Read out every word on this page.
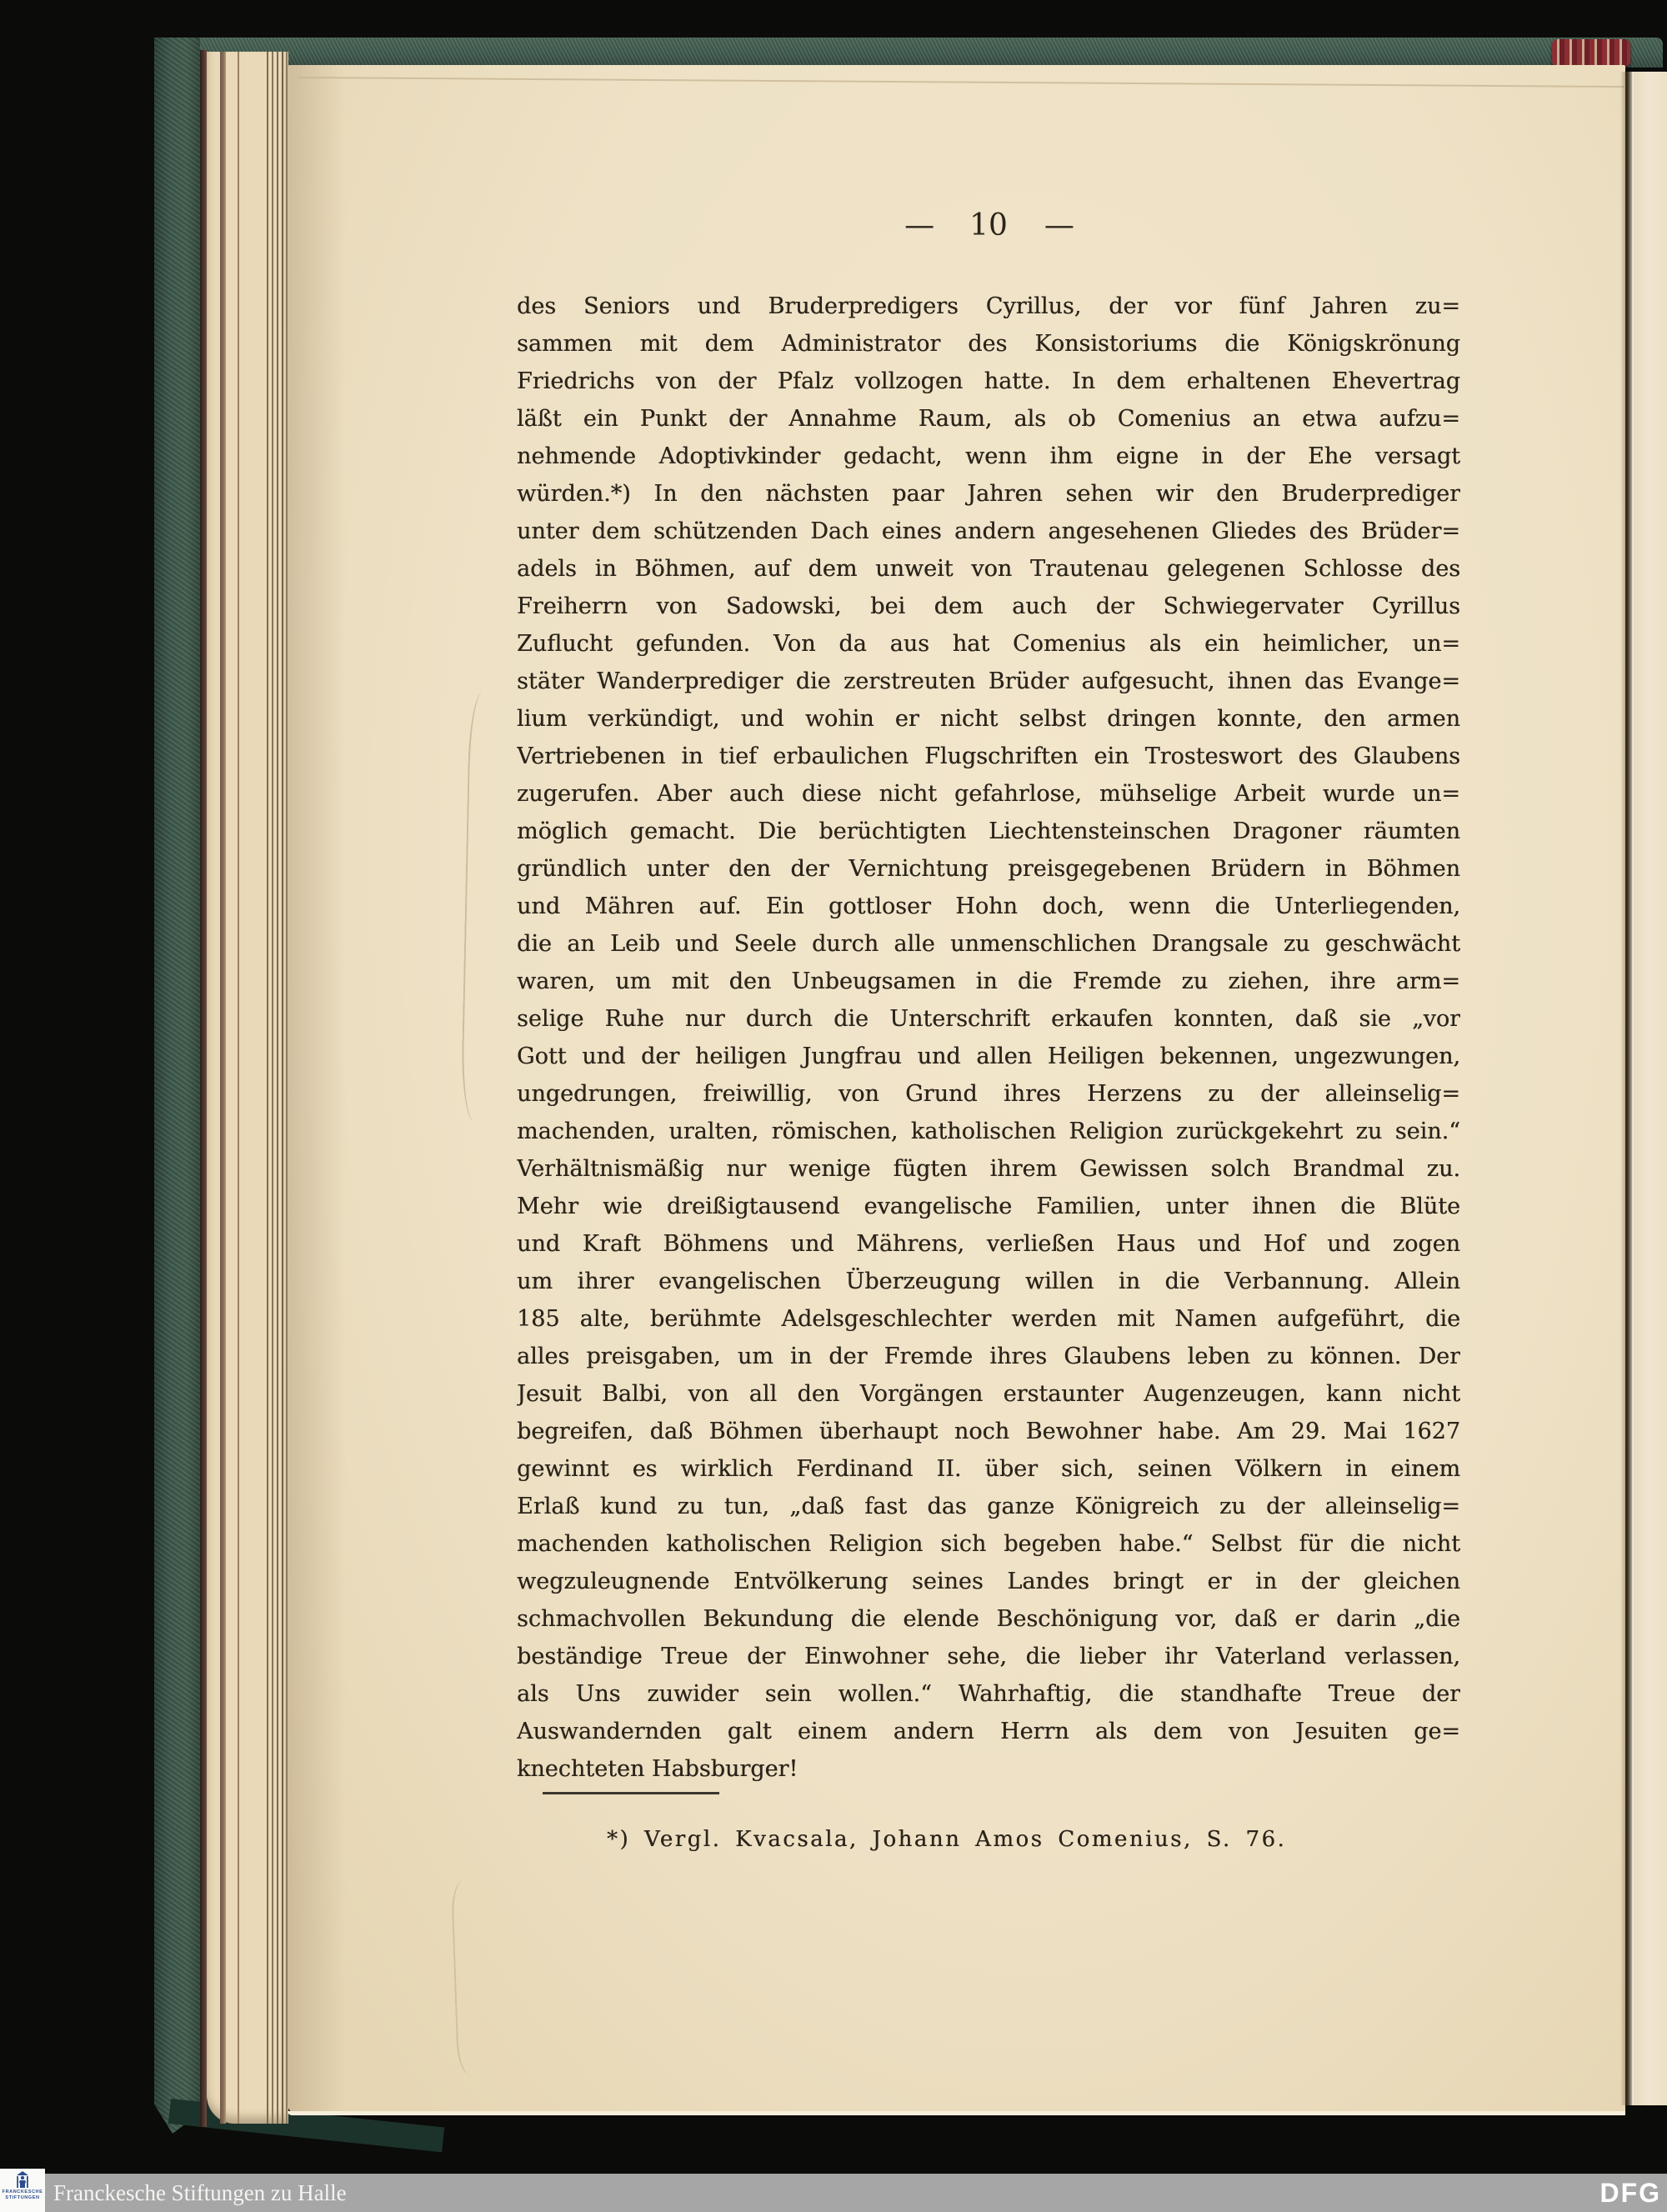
— 10 —
des Seniors und Bruderpredigers Cyrillus, der vor fünf Jahren zu=
sammen mit dem Administrator des Konsistoriums die Königskrönung
Friedrichs von der Pfalz vollzogen hatte. In dem erhaltenen Ehevertrag
läßt ein Punkt der Annahme Raum, als ob Comenius an etwa aufzu=
nehmende Adoptivkinder gedacht, wenn ihm eigne in der Ehe versagt
würden.*) In den nächsten paar Jahren sehen wir den Bruderprediger
unter dem schützenden Dach eines andern angesehenen Gliedes des Brüder=
adels in Böhmen, auf dem unweit von Trautenau gelegenen Schlosse des
Freiherrn von Sadowski, bei dem auch der Schwiegervater Cyrillus
Zuflucht gefunden. Von da aus hat Comenius als ein heimlicher, un=
stäter Wanderprediger die zerstreuten Brüder aufgesucht, ihnen das Evange=
lium verkündigt, und wohin er nicht selbst dringen konnte, den armen
Vertriebenen in tief erbaulichen Flugschriften ein Trosteswort des Glaubens
zugerufen. Aber auch diese nicht gefahrlose, mühselige Arbeit wurde un=
möglich gemacht. Die berüchtigten Liechtensteinschen Dragoner räumten
gründlich unter den der Vernichtung preisgegebenen Brüdern in Böhmen
und Mähren auf. Ein gottloser Hohn doch, wenn die Unterliegenden,
die an Leib und Seele durch alle unmenschlichen Drangsale zu geschwächt
waren, um mit den Unbeugsamen in die Fremde zu ziehen, ihre arm=
selige Ruhe nur durch die Unterschrift erkaufen konnten, daß sie „vor
Gott und der heiligen Jungfrau und allen Heiligen bekennen, ungezwungen,
ungedrungen, freiwillig, von Grund ihres Herzens zu der alleinselig=
machenden, uralten, römischen, katholischen Religion zurückgekehrt zu sein.“
Verhältnismäßig nur wenige fügten ihrem Gewissen solch Brandmal zu.
Mehr wie dreißigtausend evangelische Familien, unter ihnen die Blüte
und Kraft Böhmens und Mährens, verließen Haus und Hof und zogen
um ihrer evangelischen Überzeugung willen in die Verbannung. Allein
185 alte, berühmte Adelsgeschlechter werden mit Namen aufgeführt, die
alles preisgaben, um in der Fremde ihres Glaubens leben zu können. Der
Jesuit Balbi, von all den Vorgängen erstaunter Augenzeugen, kann nicht
begreifen, daß Böhmen überhaupt noch Bewohner habe. Am 29. Mai 1627
gewinnt es wirklich Ferdinand II. über sich, seinen Völkern in einem
Erlaß kund zu tun, „daß fast das ganze Königreich zu der alleinselig=
machenden katholischen Religion sich begeben habe.“ Selbst für die nicht
wegzuleugnende Entvölkerung seines Landes bringt er in der gleichen
schmachvollen Bekundung die elende Beschönigung vor, daß er darin „die
beständige Treue der Einwohner sehe, die lieber ihr Vaterland verlassen,
als Uns zuwider sein wollen.“ Wahrhaftig, die standhafte Treue der
Auswandernden galt einem andern Herrn als dem von Jesuiten ge=
knechteten Habsburger!
*) Vergl. Kvacsala, Johann Amos Comenius, S. 76.
FRANCKESCHE
STIFTUNGEN Franckesche Stiftungen zu Halle	DFG
